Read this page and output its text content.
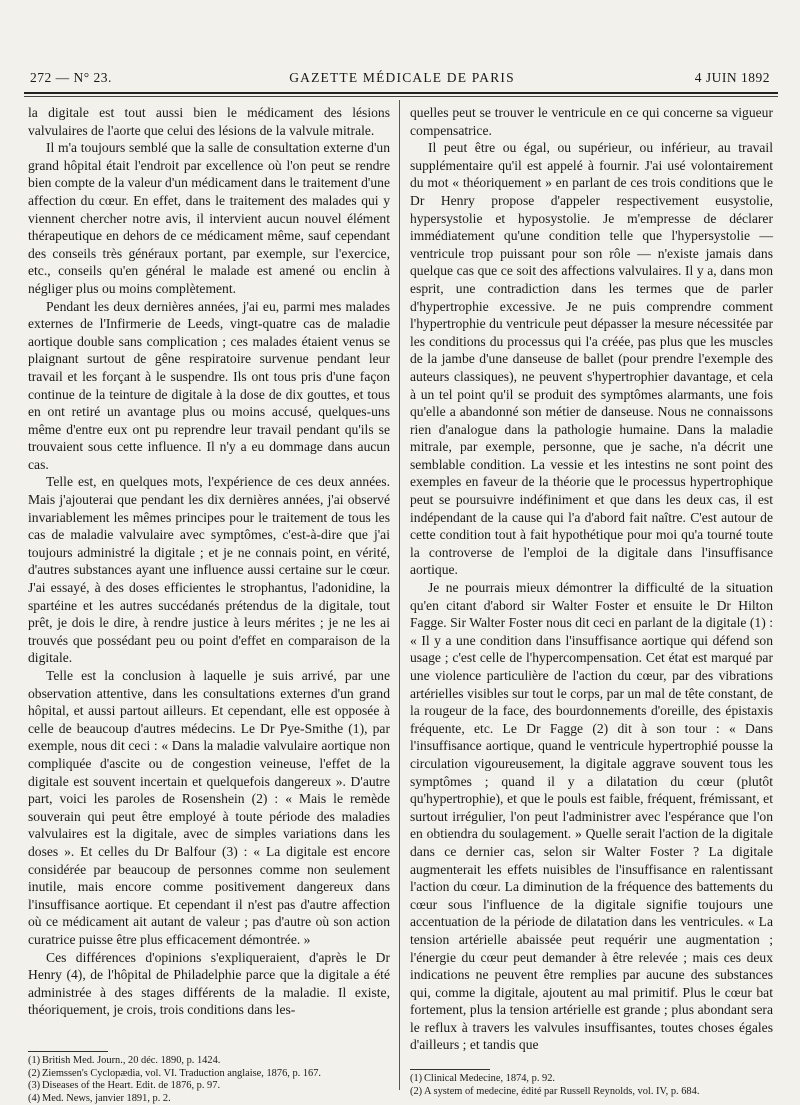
272 — N° 23.	GAZETTE MÉDICALE DE PARIS	4 JUIN 1892

la digitale est tout aussi bien le médicament des lésions valvulaires de l'aorte que celui des lésions de la valvule mitrale.

Il m'a toujours semblé que la salle de consultation externe d'un grand hôpital était l'endroit par excellence où l'on peut se rendre bien compte de la valeur d'un médicament dans le traitement d'une affection du cœur. En effet, dans le traitement des malades qui y viennent chercher notre avis, il intervient aucun nouvel élément thérapeutique en dehors de ce médicament même, sauf cependant des conseils très généraux portant, par exemple, sur l'exercice, etc., conseils qu'en général le malade est amené ou enclin à négliger plus ou moins complètement.

Pendant les deux dernières années, j'ai eu, parmi mes malades externes de l'Infirmerie de Leeds, vingt-quatre cas de maladie aortique double sans complication ; ces malades étaient venus se plaignant surtout de gêne respiratoire survenue pendant leur travail et les forçant à le suspendre. Ils ont tous pris d'une façon continue de la teinture de digitale à la dose de dix gouttes, et tous en ont retiré un avantage plus ou moins accusé, quelques-uns même d'entre eux ont pu reprendre leur travail pendant qu'ils se trouvaient sous cette influence. Il n'y a eu dommage dans aucun cas.

Telle est, en quelques mots, l'expérience de ces deux années. Mais j'ajouterai que pendant les dix dernières années, j'ai observé invariablement les mêmes principes pour le traitement de tous les cas de maladie valvulaire avec symptômes, c'est-à-dire que j'ai toujours administré la digitale ; et je ne connais point, en vérité, d'autres substances ayant une influence aussi certaine sur le cœur. J'ai essayé, à des doses efficientes le strophantus, l'adonidine, la spartéine et les autres succédanés prétendus de la digitale, tout prêt, je dois le dire, à rendre justice à leurs mérites ; je ne les ai trouvés que possédant peu ou point d'effet en comparaison de la digitale.

Telle est la conclusion à laquelle je suis arrivé, par une observation attentive, dans les consultations externes d'un grand hôpital, et aussi partout ailleurs. Et cependant, elle est opposée à celle de beaucoup d'autres médecins. Le Dr Pye-Smithe (1), par exemple, nous dit ceci : « Dans la maladie valvulaire aortique non compliquée d'ascite ou de congestion veineuse, l'effet de la digitale est souvent incertain et quelquefois dangereux ». D'autre part, voici les paroles de Rosenshein (2) : « Mais le remède souverain qui peut être employé à toute période des maladies valvulaires est la digitale, avec de simples variations dans les doses ». Et celles du Dr Balfour (3) : « La digitale est encore considérée par beaucoup de personnes comme non seulement inutile, mais encore comme positivement dangereux dans l'insuffisance aortique. Et cependant il n'est pas d'autre affection où ce médicament ait autant de valeur ; pas d'autre où son action curatrice puisse être plus efficacement démontrée. »

Ces différences d'opinions s'expliqueraient, d'après le Dr Henry (4), de l'hôpital de Philadelphie parce que la digitale a été administrée à des stages différents de la maladie. Il existe, théoriquement, je crois, trois conditions dans les-

(1) British Med. Journ., 20 déc. 1890, p. 1424.
(2) Ziemssen's Cyclopædia, vol. VI. Traduction anglaise, 1876, p. 167.
(3) Diseases of the Heart. Edit. de 1876, p. 97.
(4) Med. News, janvier 1891, p. 2.

quelles peut se trouver le ventricule en ce qui concerne sa vigueur compensatrice.

Il peut être ou égal, ou supérieur, ou inférieur, au travail supplémentaire qu'il est appelé à fournir. J'ai usé volontairement du mot « théoriquement » en parlant de ces trois conditions que le Dr Henry propose d'appeler respectivement eusystolie, hypersystolie et hyposystolie. Je m'empresse de déclarer immédiatement qu'une condition telle que l'hypersystolie — ventricule trop puissant pour son rôle — n'existe jamais dans quelque cas que ce soit des affections valvulaires. Il y a, dans mon esprit, une contradiction dans les termes que de parler d'hypertrophie excessive. Je ne puis comprendre comment l'hypertrophie du ventricule peut dépasser la mesure nécessitée par les conditions du processus qui l'a créée, pas plus que les muscles de la jambe d'une danseuse de ballet (pour prendre l'exemple des auteurs classiques), ne peuvent s'hypertrophier davantage, et cela à un tel point qu'il se produit des symptômes alarmants, une fois qu'elle a abandonné son métier de danseuse. Nous ne connaissons rien d'analogue dans la pathologie humaine. Dans la maladie mitrale, par exemple, personne, que je sache, n'a décrit une semblable condition. La vessie et les intestins ne sont point des exemples en faveur de la théorie que le processus hypertrophique peut se poursuivre indéfiniment et que dans les deux cas, il est indépendant de la cause qui l'a d'abord fait naître. C'est autour de cette condition tout à fait hypothétique pour moi qu'a tourné toute la controverse de l'emploi de la digitale dans l'insuffisance aortique.

Je ne pourrais mieux démontrer la difficulté de la situation qu'en citant d'abord sir Walter Foster et ensuite le Dr Hilton Fagge. Sir Walter Foster nous dit ceci en parlant de la digitale (1) : « Il y a une condition dans l'insuffisance aortique qui défend son usage ; c'est celle de l'hypercompensation. Cet état est marqué par une violence particulière de l'action du cœur, par des vibrations artérielles visibles sur tout le corps, par un mal de tête constant, de la rougeur de la face, des bourdonnements d'oreille, des épistaxis fréquente, etc. Le Dr Fagge (2) dit à son tour : « Dans l'insuffisance aortique, quand le ventricule hypertrophié pousse la circulation vigoureusement, la digitale aggrave souvent tous les symptômes ; quand il y a dilatation du cœur (plutôt qu'hypertrophie), et que le pouls est faible, fréquent, frémissant, et surtout irrégulier, l'on peut l'administrer avec l'espérance que l'on en obtiendra du soulagement. » Quelle serait l'action de la digitale dans ce dernier cas, selon sir Walter Foster ? La digitale augmenterait les effets nuisibles de l'insuffisance en ralentissant l'action du cœur. La diminution de la fréquence des battements du cœur sous l'influence de la digitale signifie toujours une accentuation de la période de dilatation dans les ventricules. « La tension artérielle abaissée peut requérir une augmentation ; l'énergie du cœur peut demander à être relevée ; mais ces deux indications ne peuvent être remplies par aucune des substances qui, comme la digitale, ajoutent au mal primitif. Plus le cœur bat fortement, plus la tension artérielle est grande ; plus abondant sera le reflux à travers les valvules insuffisantes, toutes choses égales d'ailleurs ; et tandis que

(1) Clinical Medecine, 1874, p. 92.
(2) A system of medecine, édité par Russell Reynolds, vol. IV, p. 684.
